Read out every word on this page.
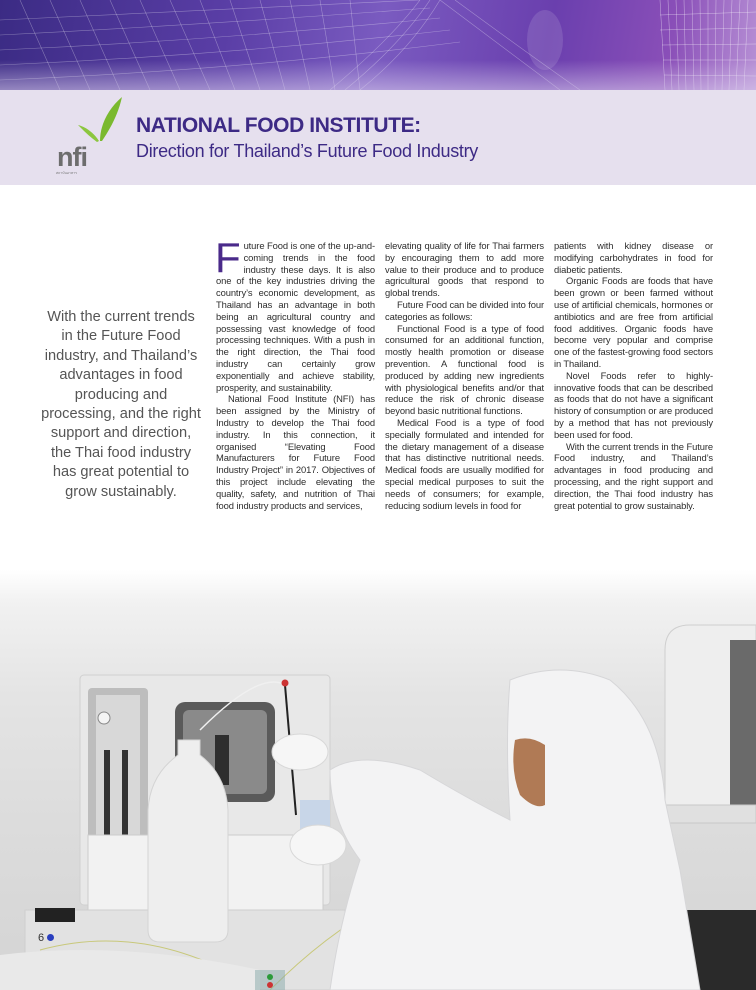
nfi
สถาบันอาหาร
NATIONAL FOOD INSTITUTE:
Direction for Thailand’s Future Food Industry
With the current trends in the Future Food industry, and Thailand’s advantages in food producing and processing, and the right support and direction, the Thai food industry has great potential to grow sustainably.

Future Food is one of the up-and-coming trends in the food industry these days. It is also one of the key industries driving the country’s economic development, as Thailand has an advantage in both being an agricultural country and possessing vast knowledge of food processing techniques. With a push in the right direction, the Thai food industry can certainly grow exponentially and achieve stability, prosperity, and sustainability.

National Food Institute (NFI) has been assigned by the Ministry of Industry to develop the Thai food industry. In this connection, it organised “Elevating Food Manufacturers for Future Food Industry Project” in 2017. Objectives of this project include elevating the quality, safety, and nutrition of Thai food industry products and services,

elevating quality of life for Thai farmers by encouraging them to add more value to their produce and to produce agricultural goods that respond to global trends.

Future Food can be divided into four categories as follows:

Functional Food is a type of food consumed for an additional function, mostly health promotion or disease prevention. A functional food is produced by adding new ingredients with physiological benefits and/or that reduce the risk of chronic disease beyond basic nutritional functions.

Medical Food is a type of food specially formulated and intended for the dietary management of a disease that has distinctive nutritional needs. Medical foods are usually modified for special medical purposes to suit the needs of consumers; for example, reducing sodium levels in food for

patients with kidney disease or modifying carbohydrates in food for diabetic patients.

Organic Foods are foods that have been grown or been farmed without use of artificial chemicals, hormones or antibiotics and are free from artificial food additives. Organic foods have become very popular and comprise one of the fastest-growing food sectors in Thailand.

Novel Foods refer to highly-innovative foods that can be described as foods that do not have a significant history of consumption or are produced by a method that has not previously been used for food.

With the current trends in the Future Food industry, and Thailand’s advantages in food producing and processing, and the right support and direction, the Thai food industry has great potential to grow sustainably.

6
